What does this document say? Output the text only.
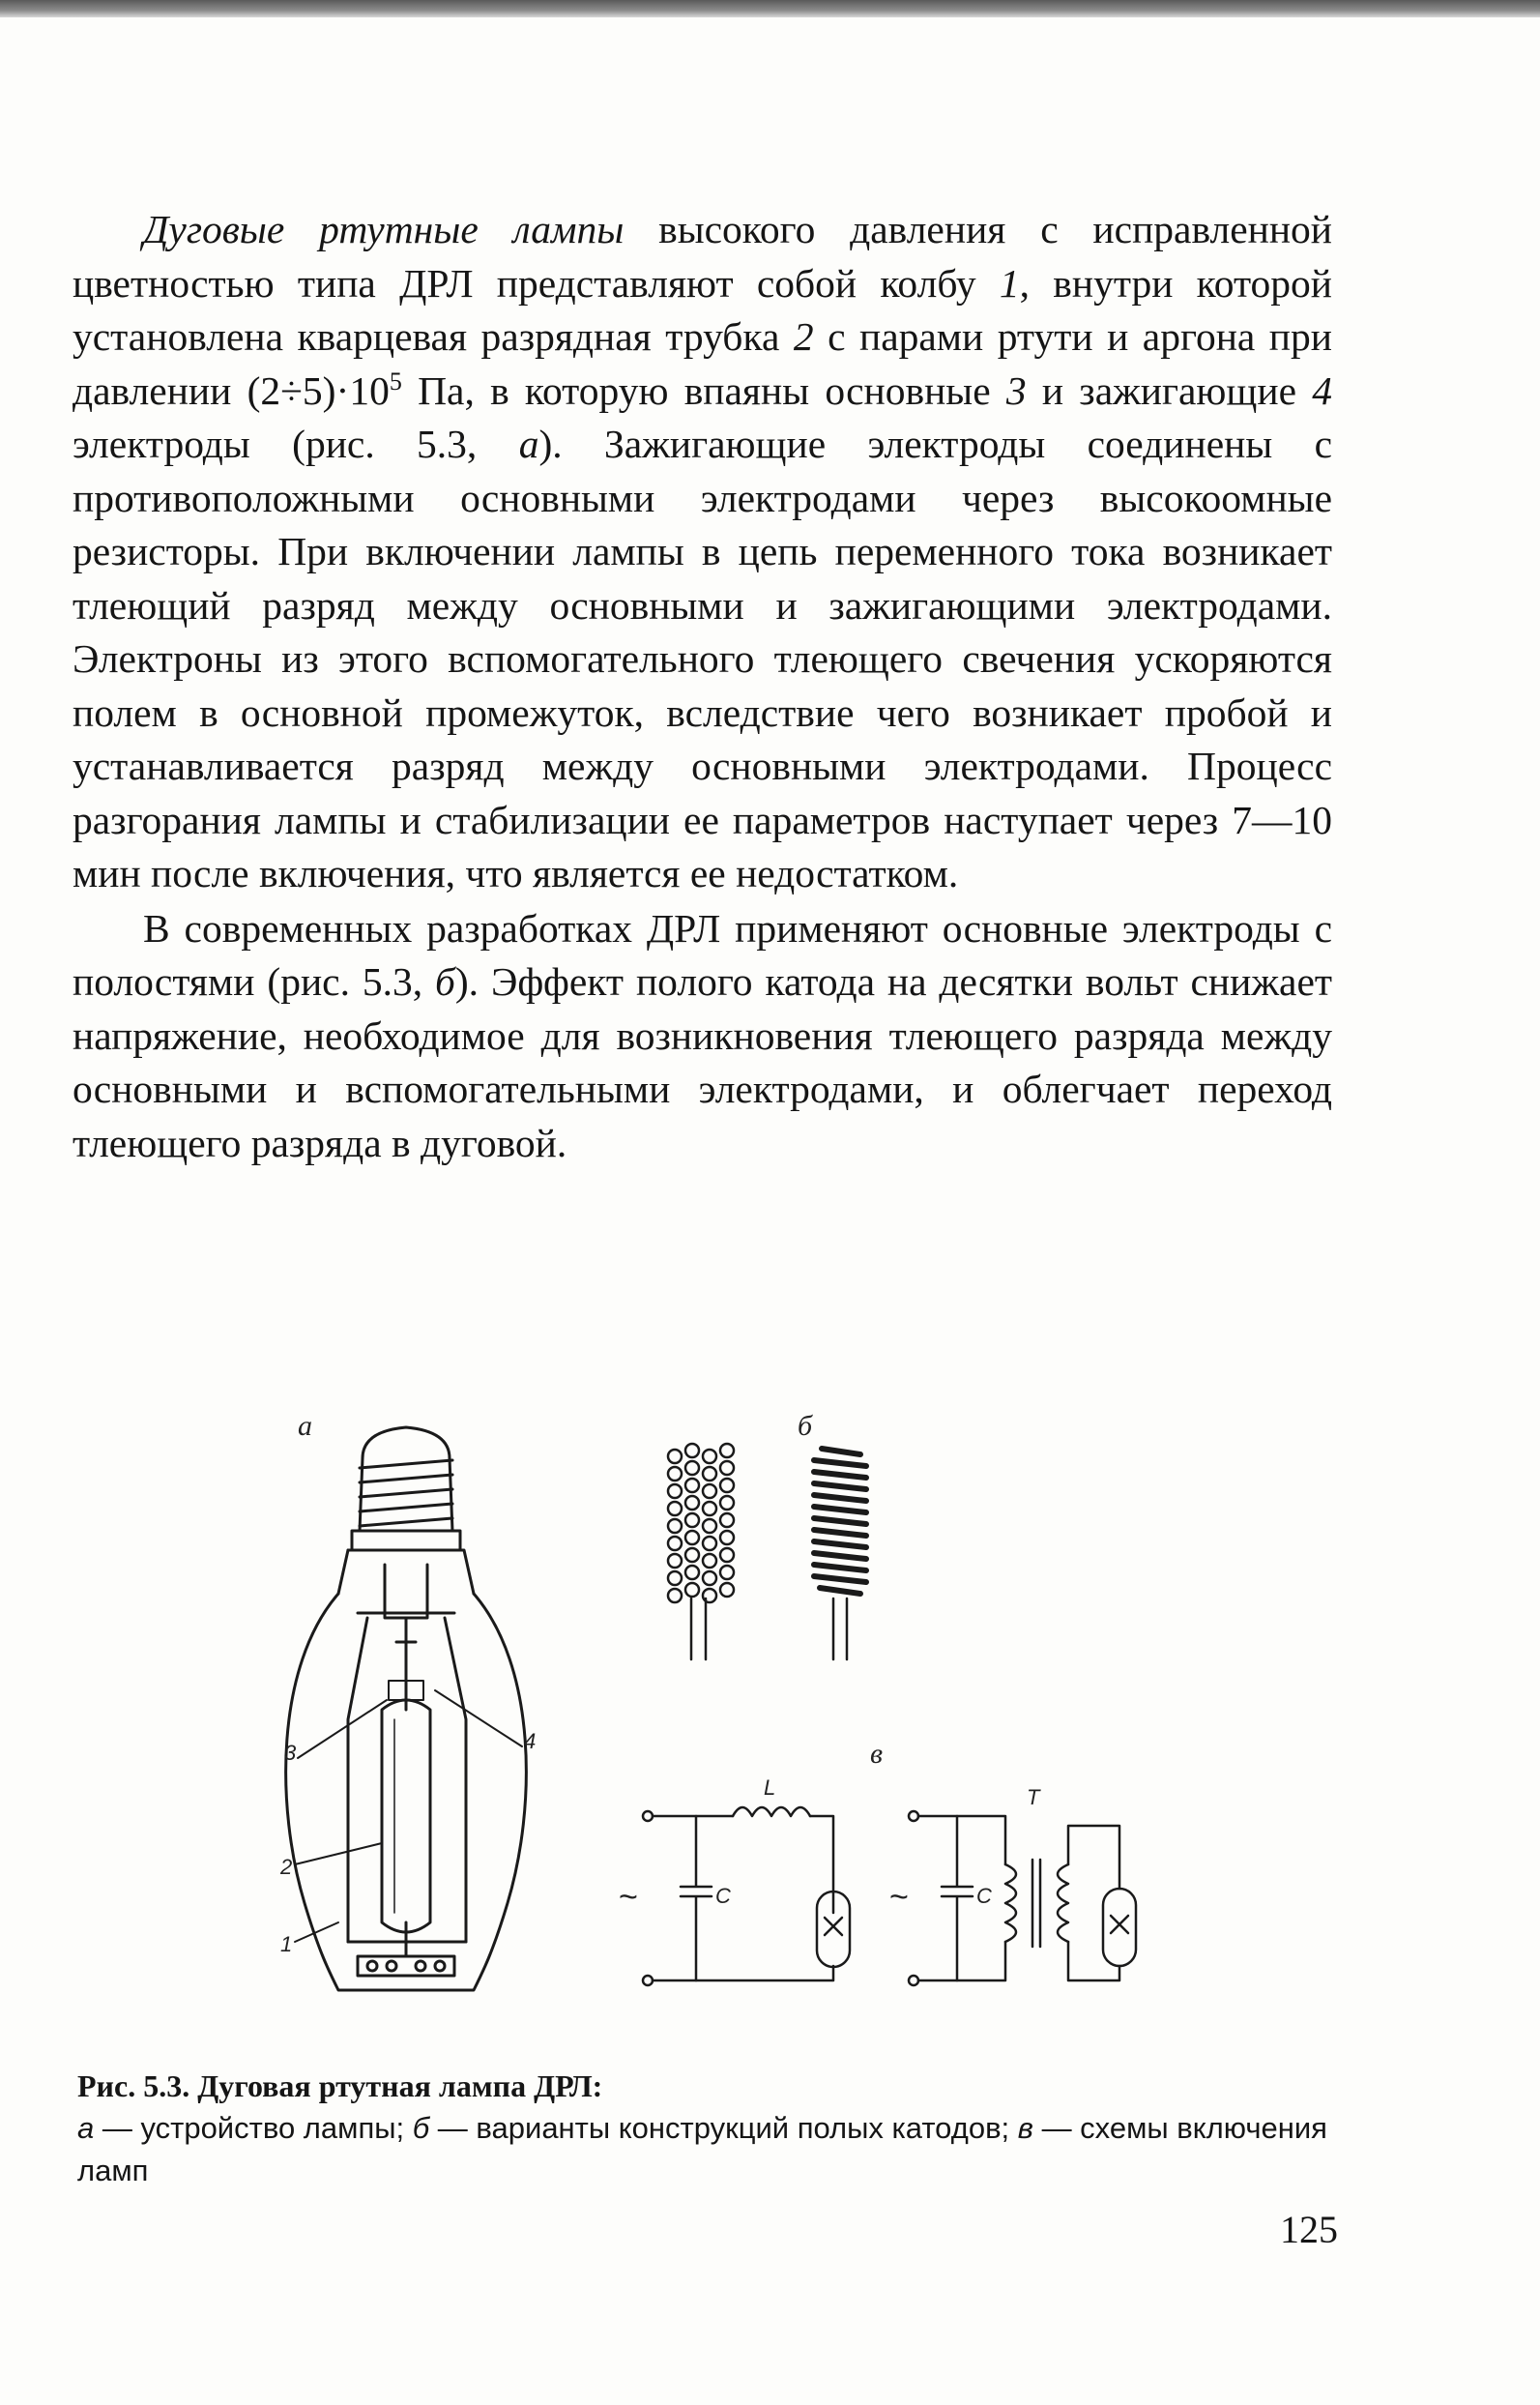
Дуговые ртутные лампы высокого давления с исправленной цветностью типа ДРЛ представляют собой колбу 1, внутри которой установлена кварцевая разрядная трубка 2 с парами ртути и аргона при давлении $(2\div 5)\cdot 10^5$ Па, в которую впаяны основные 3 и зажигающие 4 электроды (рис. 5.3, а). Зажигающие электроды соединены с противоположными основными электродами через высокоомные резисторы. При включении лампы в цепь переменного тока возникает тлеющий разряд между основными и зажигающими электродами. Электроны из этого вспомогательного тлеющего свечения ускоряются полем в основной промежуток, вследствие чего возникает пробой и устанавливается разряд между основными электродами. Процесс разгорания лампы и стабилизации ее параметров наступает через 7—10 мин после включения, что является ее недостатком.

В современных разработках ДРЛ применяют основные электроды с полостями (рис. 5.3, б). Эффект полого катода на десятки вольт снижает напряжение, необходимое для возникновения тлеющего разряда между основными и вспомогательными электродами, и облегчает переход тлеющего разряда в дуговой.

а	б
в
3	4
2
1
L
C	C
T
~	~
Рис. 5.3. Дуговая ртутная лампа ДРЛ:
а — устройство лампы; б — варианты конструкций полых катодов; в — схемы включения ламп
125
